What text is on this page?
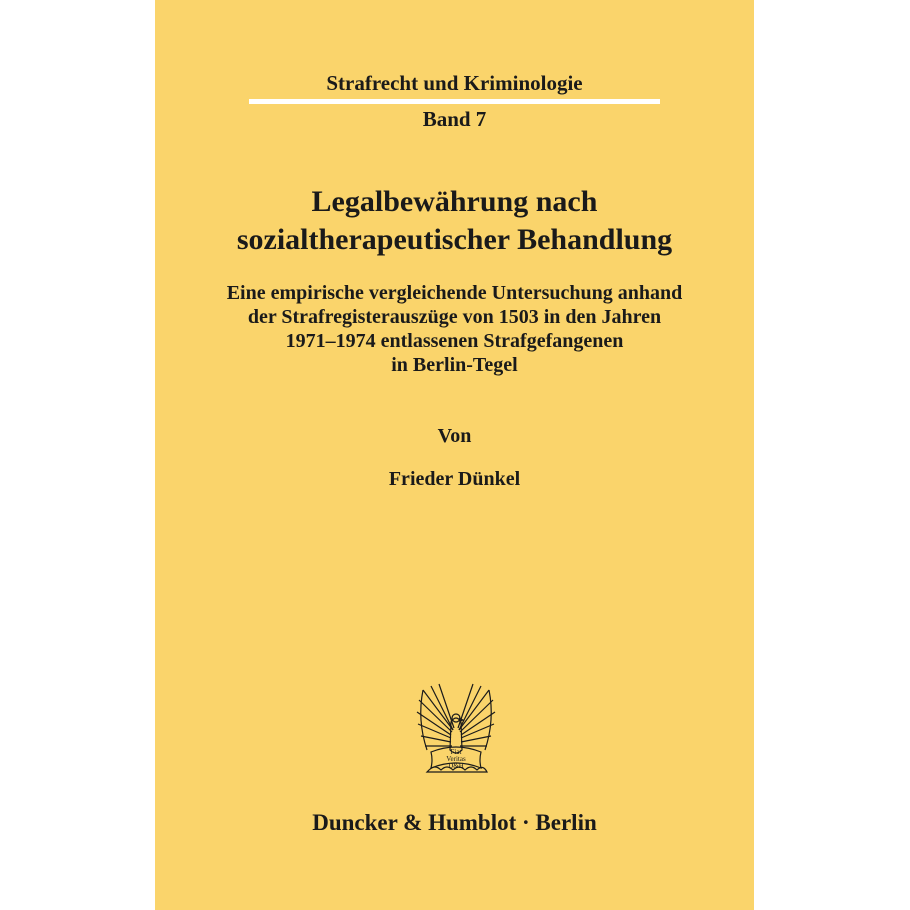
Strafrecht und Kriminologie
Band 7
Legalbewährung nach
sozialtherapeutischer Behandlung
Eine empirische vergleichende Untersuchung anhand
der Strafregisterauszüge von 1503 in den Jahren
1971–1974 entlassenen Strafgefangenen
in Berlin-Tegel
Von
Frieder Dünkel
Fiat
Veritas
D&H
Duncker & Humblot · Berlin
